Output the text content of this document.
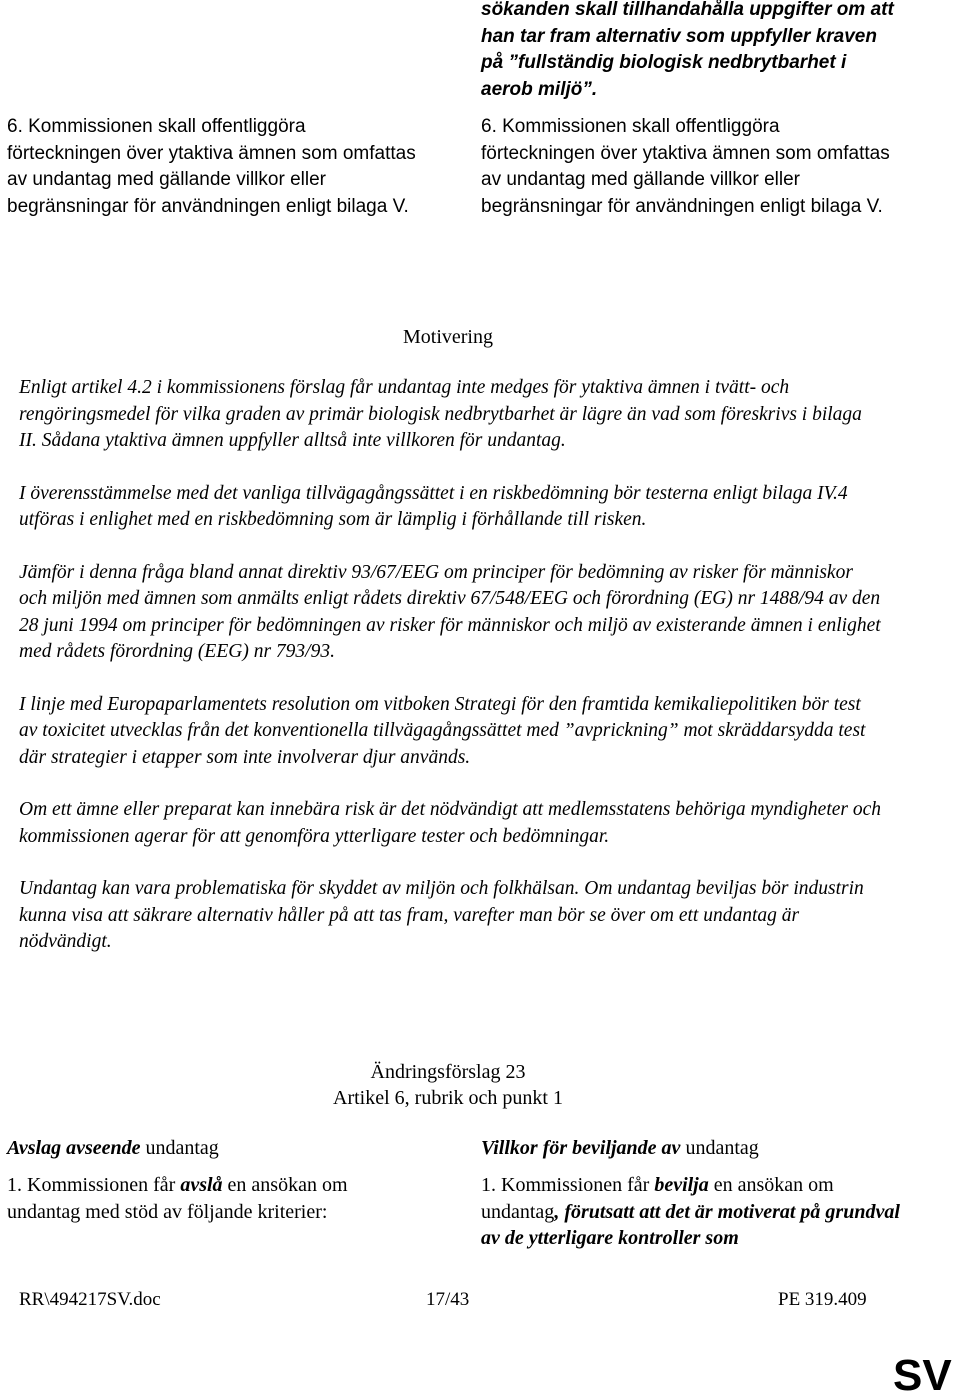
6. Kommissionen skall offentliggöra förteckningen över ytaktiva ämnen som omfattas av undantag med gällande villkor eller begränsningar för användningen enligt bilaga V.
sökanden skall tillhandahålla uppgifter om att han tar fram alternativ som uppfyller kraven på ”fullständig biologisk nedbrytbarhet i aerob miljö”.
6. Kommissionen skall offentliggöra förteckningen över ytaktiva ämnen som omfattas av undantag med gällande villkor eller begränsningar för användningen enligt bilaga V.
Motivering

Enligt artikel 4.2 i kommissionens förslag får undantag inte medges för ytaktiva ämnen i tvätt- och rengöringsmedel för vilka graden av primär biologisk nedbrytbarhet är lägre än vad som föreskrivs i bilaga II. Sådana ytaktiva ämnen uppfyller alltså inte villkoren för undantag.

I överensstämmelse med det vanliga tillvägagångssättet i en riskbedömning bör testerna enligt bilaga IV.4 utföras i enlighet med en riskbedömning som är lämplig i förhållande till risken.

Jämför i denna fråga bland annat direktiv 93/67/EEG om principer för bedömning av risker för människor och miljön med ämnen som anmälts enligt rådets direktiv 67/548/EEG och förordning (EG) nr 1488/94 av den 28 juni 1994 om principer för bedömningen av risker för människor och miljö av existerande ämnen i enlighet med rådets förordning (EEG) nr 793/93.

I linje med Europaparlamentets resolution om vitboken Strategi för den framtida kemikaliepolitiken bör test av toxicitet utvecklas från det konventionella tillvägagångssättet med ”avprickning” mot skräddarsydda test där strategier i etapper som inte involverar djur används.

Om ett ämne eller preparat kan innebära risk är det nödvändigt att medlemsstatens behöriga myndigheter och kommissionen agerar för att genomföra ytterligare tester och bedömningar.

Undantag kan vara problematiska för skyddet av miljön och folkhälsan. Om undantag beviljas bör industrin kunna visa att säkrare alternativ håller på att tas fram, varefter man bör se över om ett undantag är nödvändigt.

Ändringsförslag 23
Artikel 6, rubrik och punkt 1
Avslag avseende undantag
1. Kommissionen får avslå en ansökan om undantag med stöd av följande kriterier:
Villkor för beviljande av undantag
1. Kommissionen får bevilja en ansökan om undantag, förutsatt att det är motiverat på grundval av de ytterligare kontroller som
RR\494217SV.doc	17/43	PE 319.409
SV
